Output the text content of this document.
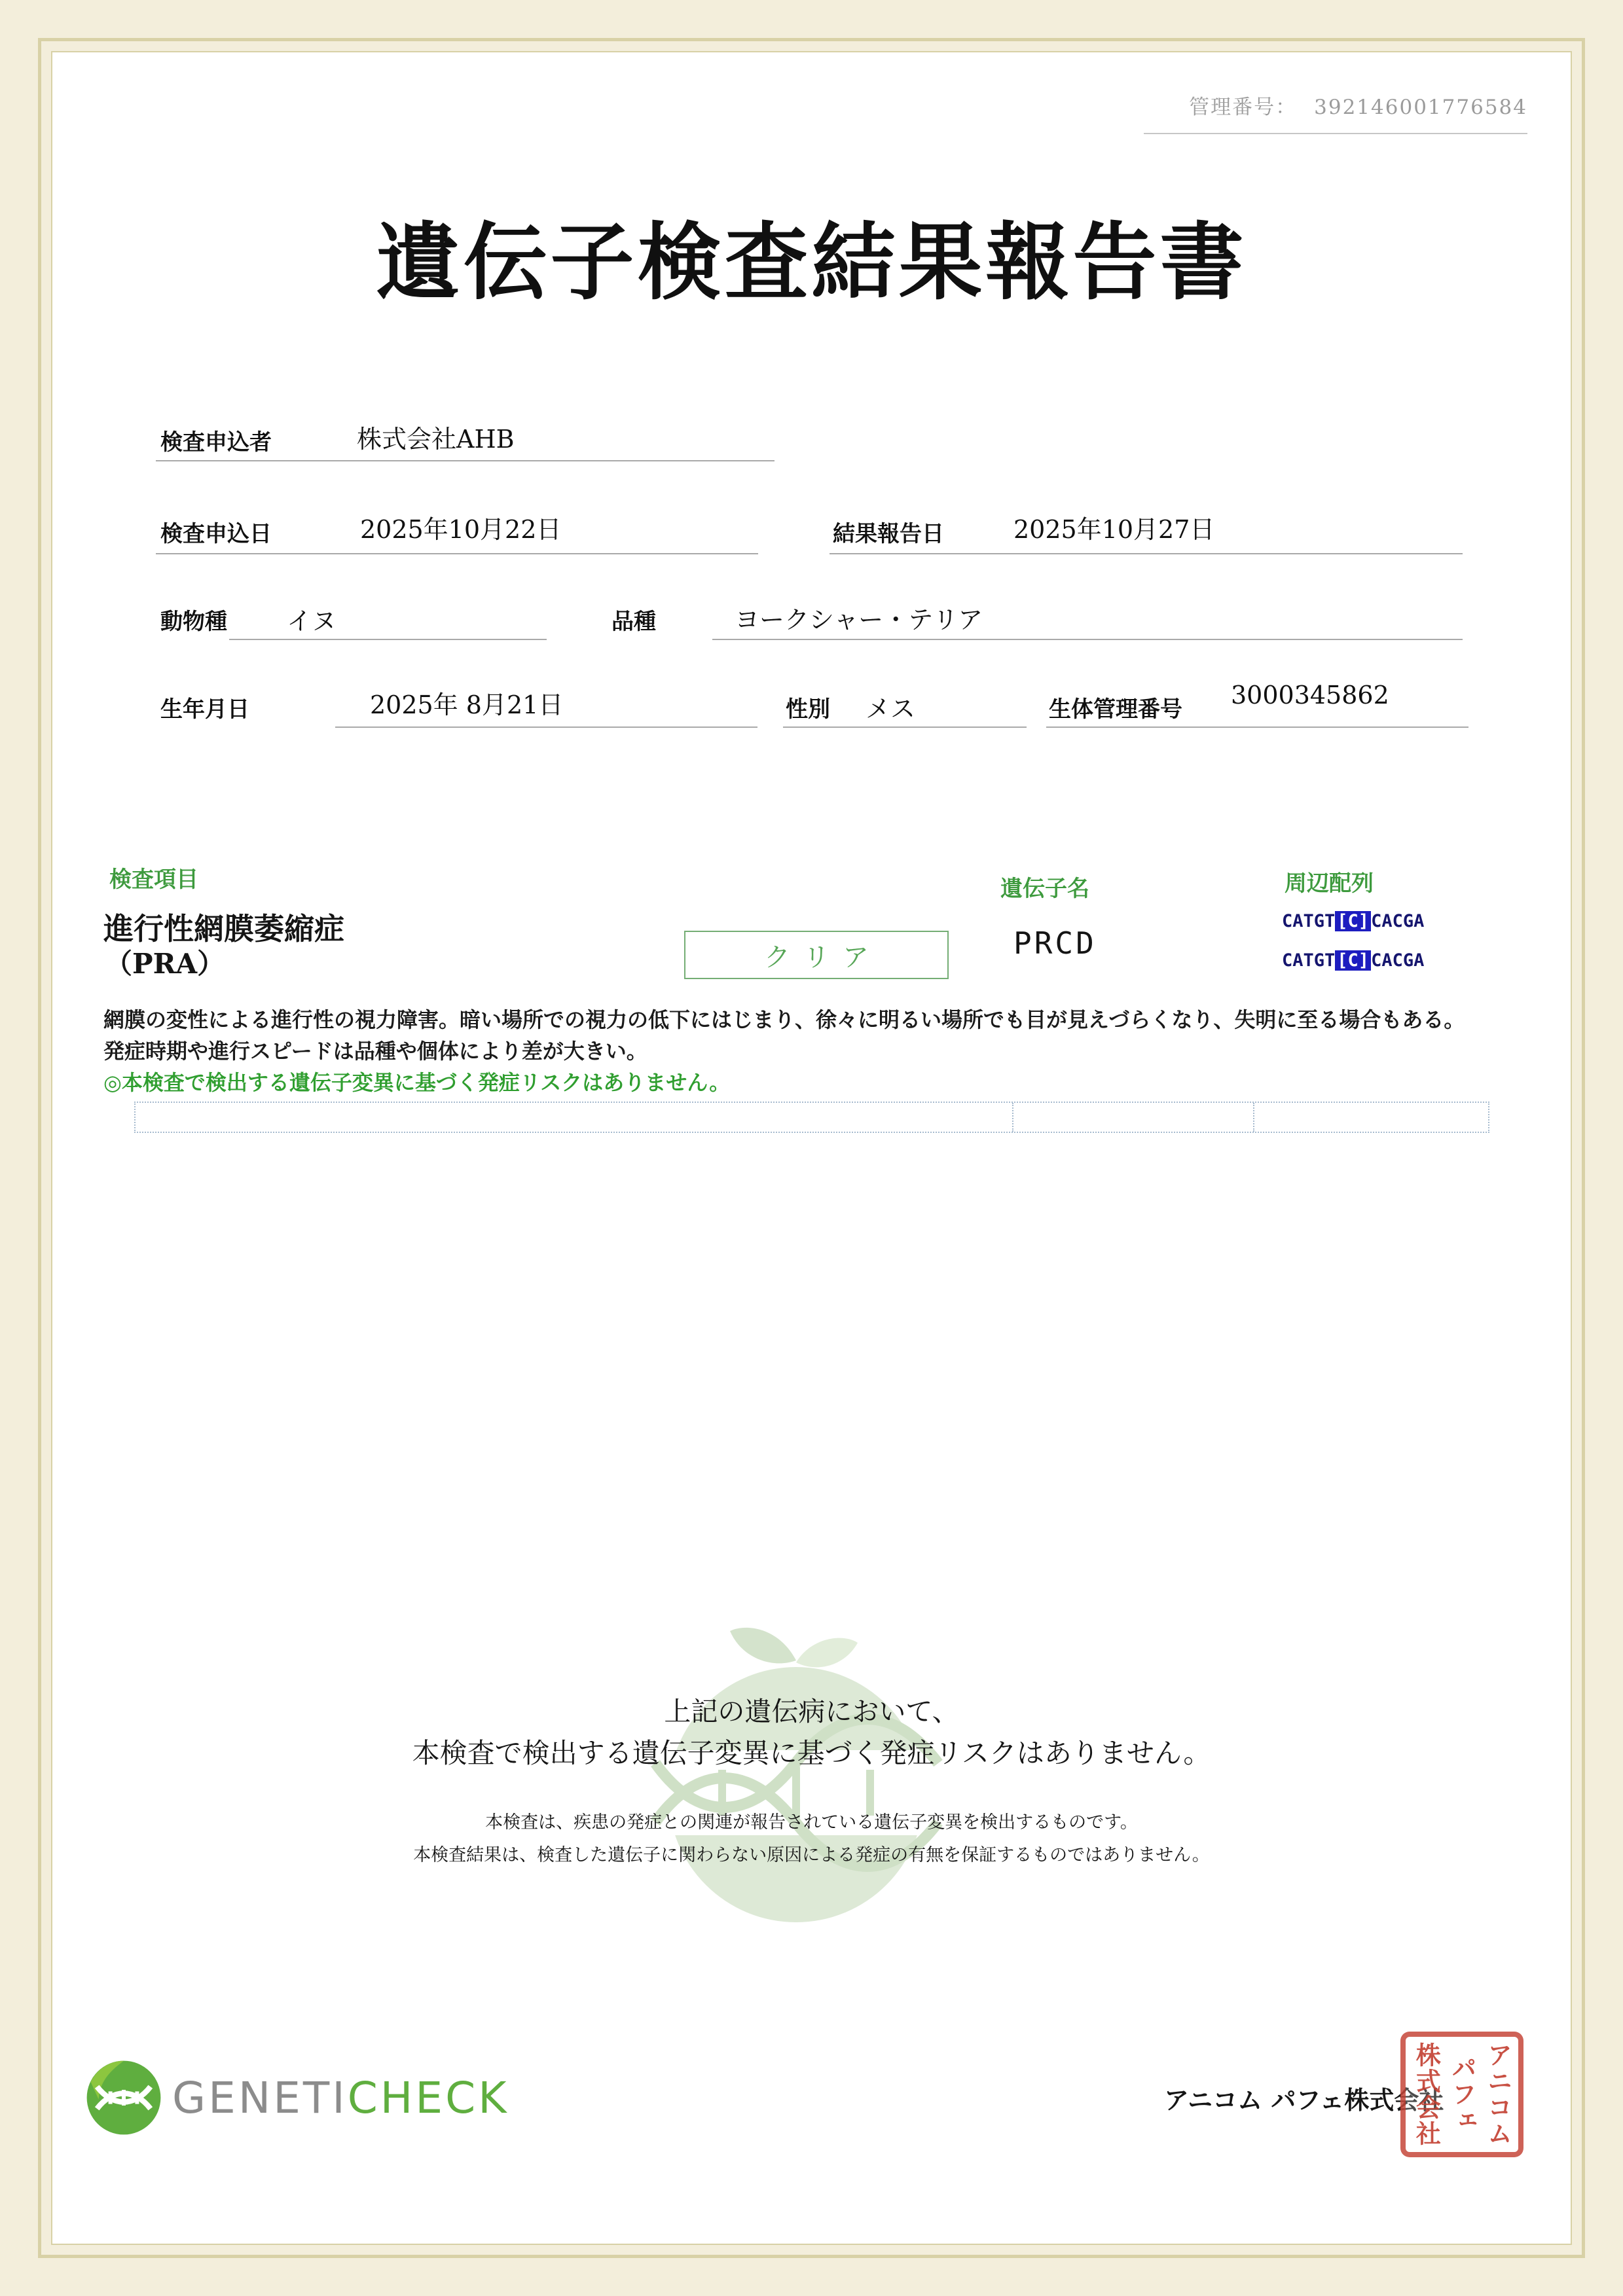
管理番号： 392146001776584
遺伝子検査結果報告書
検査申込者	株式会社AHB
検査申込日	2025年10月22日	結果報告日	2025年10月27日
動物種 イヌ	品種	ヨークシャー・テリア
生年月日	2025年 8月21日	性別 メス	生体管理番号 3000345862
検査項目	遺伝子名	周辺配列
進行性網膜萎縮症
（PRA）	クリア	PRCD
CATGT [C] CACGA
CATGT [C] CACGA
網膜の変性による進行性の視力障害。暗い場所での視力の低下にはじまり、徐々に明るい場所でも目が見えづらくなり、失明に至る場合もある。
発症時期や進行スピードは品種や個体により差が大きい。
◎本検査で検出する遺伝子変異に基づく発症リスクはありません。
上記の遺伝病において、
本検査で検出する遺伝子変異に基づく発症リスクはありません。
本検査は、疾患の発症との関連が報告されている遺伝子変異を検出するものです。
本検査結果は、検査した遺伝子に関わらない原因による発症の有無を保証するものではありません。
GENETICHECK	アニコム パフェ株式会社 アニコム
パフェ
株式会社
